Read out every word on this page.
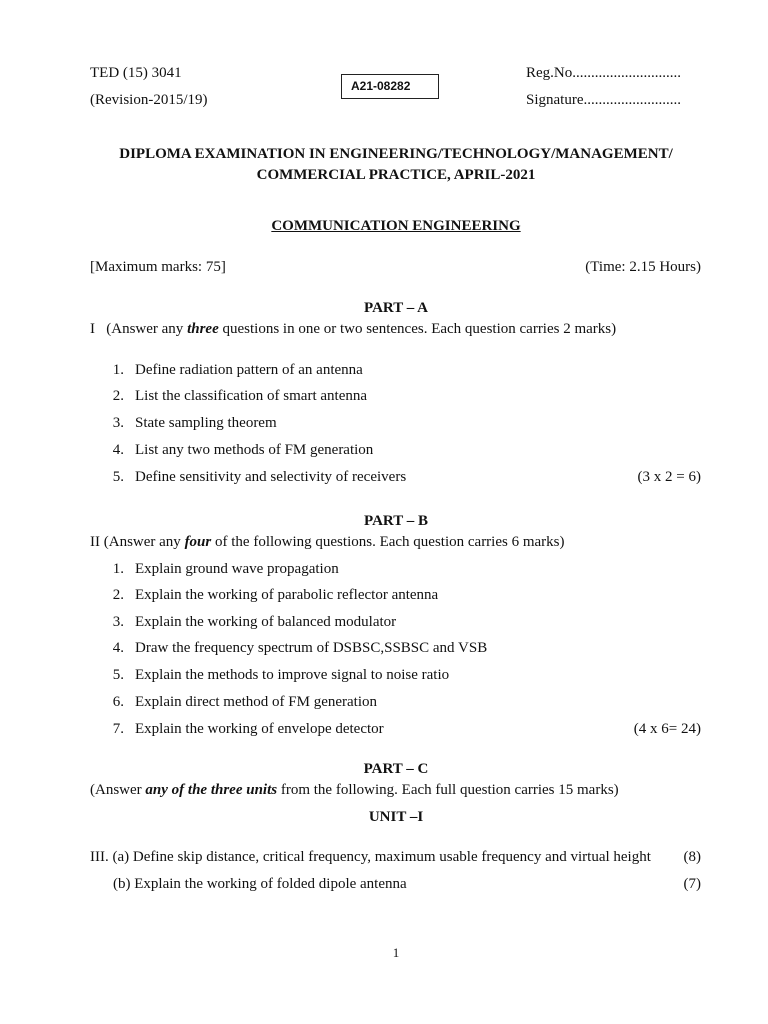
TED (15) 3041
(Revision-2015/19)
A21-08282
Reg.No.............................
Signature..........................
DIPLOMA EXAMINATION IN ENGINEERING/TECHNOLOGY/MANAGEMENT/
COMMERCIAL PRACTICE, APRIL-2021
COMMUNICATION ENGINEERING
[Maximum marks: 75]	(Time: 2.15 Hours)
PART – A
I (Answer any three questions in one or two sentences. Each question carries 2 marks)
1. Define radiation pattern of an antenna
2. List the classification of smart antenna
3. State sampling theorem
4. List any two methods of FM generation
5. Define sensitivity and selectivity of receivers	(3 x 2 = 6)
PART – B
II (Answer any four of the following questions. Each question carries 6 marks)
1. Explain ground wave propagation
2. Explain the working of parabolic reflector antenna
3. Explain the working of balanced modulator
4. Draw the frequency spectrum of DSBSC,SSBSC and VSB
5. Explain the methods to improve signal to noise ratio
6. Explain direct method of FM generation
7. Explain the working of envelope detector	(4 x 6= 24)
PART – C
(Answer any of the three units from the following. Each full question carries 15 marks)
UNIT –I
III. (a) Define skip distance, critical frequency, maximum usable frequency and virtual height (8)
(b) Explain the working of folded dipole antenna	(7)
1
